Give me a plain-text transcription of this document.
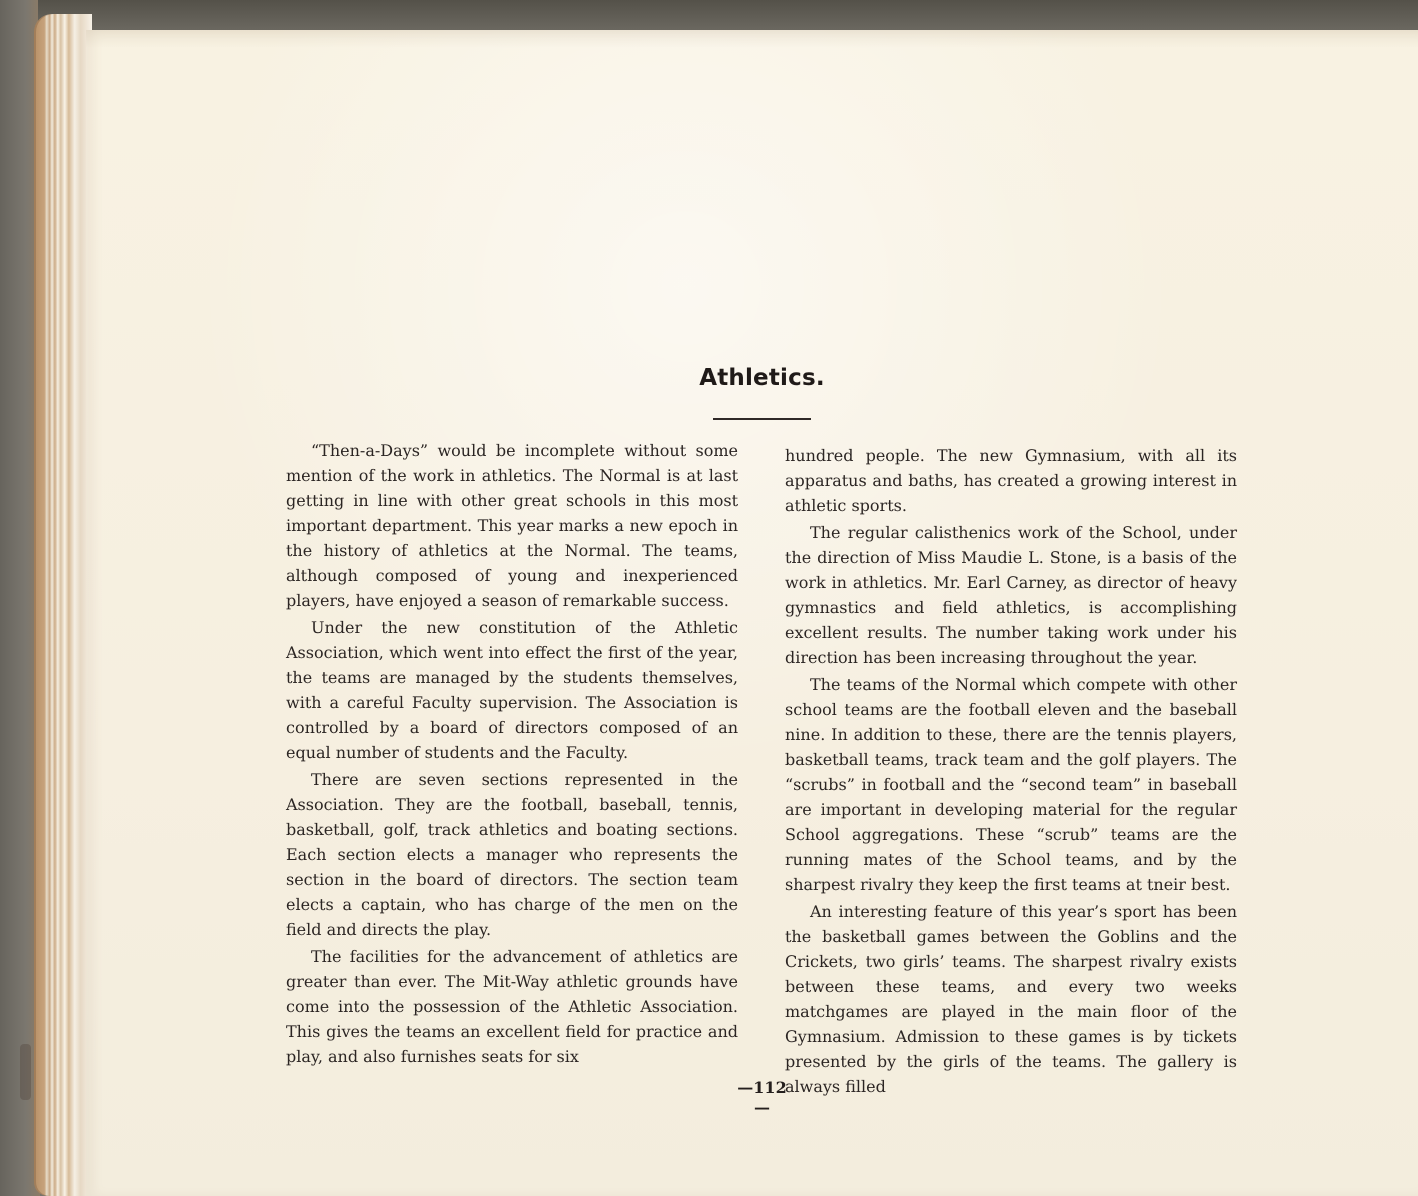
Athletics.

“Then-a-Days” would be incomplete without some mention of the work in athletics. The Normal is at last getting in line with other great schools in this most important department. This year marks a new epoch in the history of athletics at the Normal. The teams, although composed of young and inexperienced players, have enjoyed a season of remarkable success.

Under the new constitution of the Athletic Association, which went into effect the first of the year, the teams are managed by the students themselves, with a careful Faculty supervision. The Association is controlled by a board of directors composed of an equal number of students and the Faculty.

There are seven sections represented in the Association. They are the football, baseball, tennis, basketball, golf, track athletics and boating sections. Each section elects a manager who represents the section in the board of directors. The section team elects a captain, who has charge of the men on the field and directs the play.

The facilities for the advancement of athletics are greater than ever. The Mit-Way athletic grounds have come into the possession of the Athletic Association. This gives the teams an excellent field for practice and play, and also furnishes seats for six

hundred people. The new Gymnasium, with all its apparatus and baths, has created a growing interest in athletic sports.

The regular calisthenics work of the School, under the direction of Miss Maudie L. Stone, is a basis of the work in athletics. Mr. Earl Carney, as director of heavy gymnastics and field athletics, is accomplishing excellent results. The number taking work under his direction has been increasing throughout the year.

The teams of the Normal which compete with other school teams are the football eleven and the baseball nine. In addition to these, there are the tennis players, basketball teams, track team and the golf players. The “scrubs” in football and the “second team” in baseball are important in developing material for the regular School aggregations. These “scrub” teams are the running mates of the School teams, and by the sharpest rivalry they keep the first teams at tneir best.

An interesting feature of this year’s sport has been the basketball games between the Goblins and the Crickets, two girls’ teams. The sharpest rivalry exists between these teams, and every two weeks matchgames are played in the main floor of the Gymnasium. Admission to these games is by tickets presented by the girls of the teams. The gallery is always filled

—112—
